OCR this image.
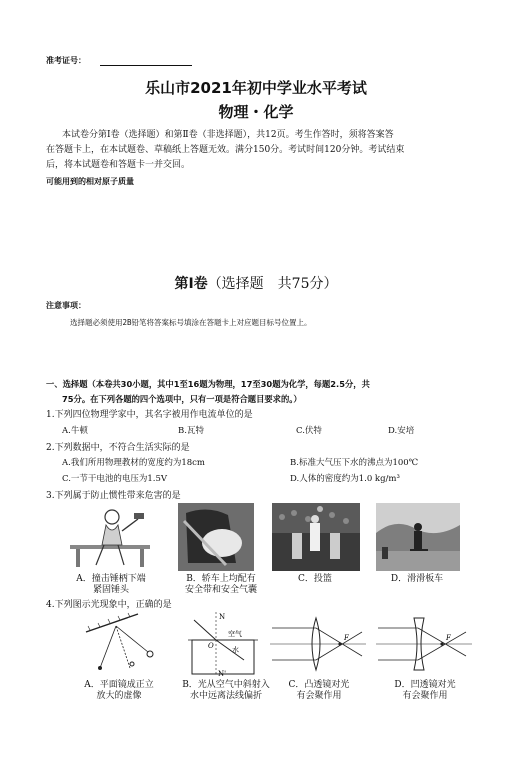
准考证号：
乐山市2021年初中学业水平考试
物理・化学
本试卷分第Ⅰ卷（选择题）和第Ⅱ卷（非选择题），共12页。考生作答时，须将答案答
在答题卡上，在本试题卷、草稿纸上答题无效。满分150分。考试时间120分钟。考试结束
后，将本试题卷和答题卡一并交回。
可能用到的相对原子质量
第Ⅰ卷（选择题　共75分）
注意事项：
选择题必须使用2B铅笔将答案标号填涂在答题卡上对应题目标号位置上。
一、选择题（本卷共30小题，其中1至16题为物理，17至30题为化学，每题2.5分，共
75分。在下列各题的四个选项中，只有一项是符合题目要求的。）
1.下列四位物理学家中，其名字被用作电流单位的是
A.牛顿	B.瓦特	C.伏特	D.安培
2.下列数据中，不符合生活实际的是
A.我们所用物理教材的宽度约为18cm	B.标准大气压下水的沸点为100℃
C.一节干电池的电压为1.5V	D.人体的密度约为1.0 kg/m³
3.下列属于防止惯性带来危害的是
A．撞击锤柄下端
紧固锤头
B．轿车上均配有
安全带和安全气囊
C．投篮	D．滑滑板车
4.下列图示光现象中，正确的是
N
N'
O
空气
水
F	F
A．平面镜成正立
放大的虚像
B．光从空气中斜射入
水中远离法线偏折
C．凸透镜对光
有会聚作用
D．凹透镜对光
有会聚作用
